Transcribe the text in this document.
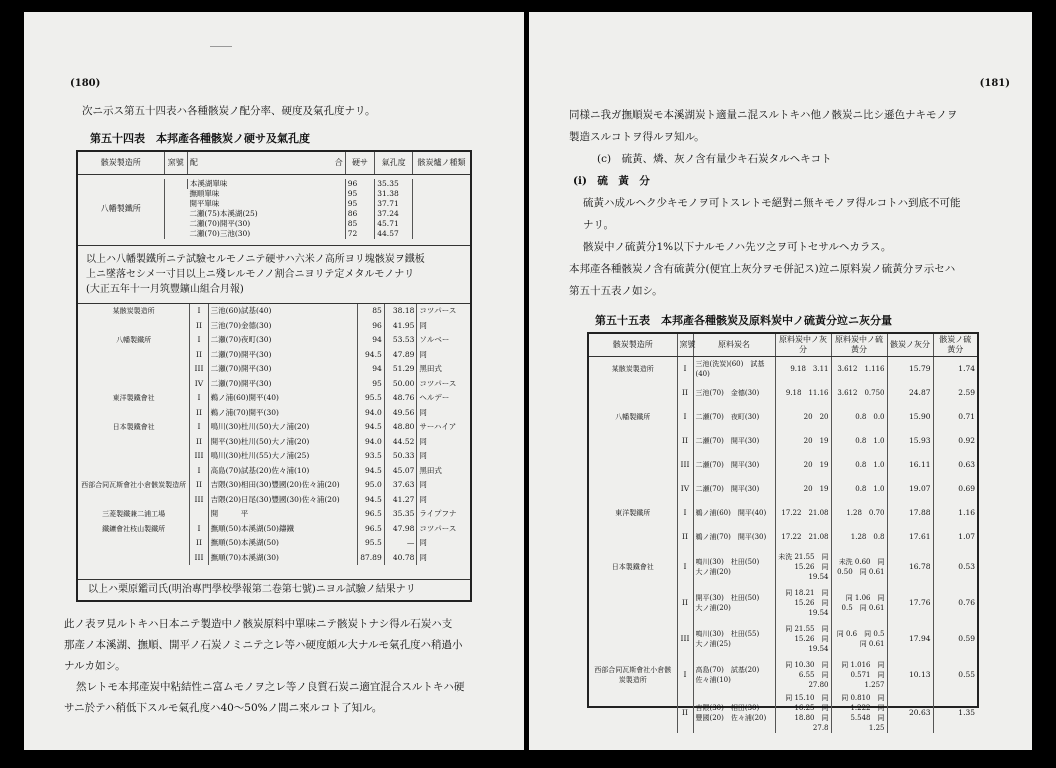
(180)
次ニ示ス第五十四表ハ各種骸炭ノ配分率、硬度及氣孔度ナリ。
第五十四表　本邦產各種骸炭ノ硬サ及氣孔度
骸炭製造所	窯號	配	合	硬サ	氣孔度	骸炭爐ノ種類

八幡製鐵所		本溪湖單味		96	35.35	
		撫順單味		95	31.38	
		開平單味		95	37.71	
		二瀬(75)本溪湖(25)		86	37.24	
		二瀬(70)開平(30)		85	45.71	
		二瀬(70)三池(30)		72	44.57	

以上ハ八幡製鐵所ニテ試驗セルモノニテ硬サハ六米ノ高所ヨリ塊骸炭ヲ鐵板
上ニ墜落セシメ一寸目以上ニ殘レルモノノ割合ニヨリテ定メタルモノナリ
(大正五年十一月筑豐鑛山組合月報)
某骸炭製造所	I	三池(60)試基(40)	85	38.18	コツパース
	II	三池(70)金德(30)	96	41.95	同
八幡製鐵所	I	二瀬(70)夜町(30)	94	53.53	ソルベー
	II	二瀬(70)開平(30)	94.5	47.89	同
	III	二瀬(70)開平(30)	94	51.29	黑田式
	IV	二瀬(70)開平(30)	95	50.00	コツパース
東洋製鐵會社	I	鵜ノ浦(60)開平(40)	95.5	48.76	ヘルデー
	II	鵜ノ浦(70)開平(30)	94.0	49.56	同
日本製鐵會社	I	鳴川(30)杜川(50)大ノ浦(20)	94.5	48.80	サーハイア
	II	開平(30)杜川(50)大ノ浦(20)	94.0	44.52	同
	III	鳴川(30)杜川(55)大ノ浦(25)	93.5	50.33	同
	I	高島(70)試基(20)佐々浦(10)	94.5	45.07	黑田式
西部合同瓦斯會社小倉骸炭製造所	II	吉隈(30)相田(30)豐國(20)佐々浦(20)	95.0	37.63	同
	III	吉隈(20)日尾(30)豐國(30)佐々浦(20)	94.5	41.27	同
三菱製鐵兼二浦工場		開　　　平	96.5	35.35	ライプフナ
鐵鑛會社枝山製鐵所	I	撫順(50)本溪湖(50)鑄鐵	96.5	47.98	コツパース
	II	撫順(50)本溪湖(50)	95.5	—	同
	III	撫順(70)本溪湖(30)	87.89	40.78	同
以上ハ栗原鑑司氏(明治專門學校學報第二卷第七號)ニヨル試驗ノ結果ナリ
此ノ表ヲ見ルトキハ日本ニテ製造中ノ骸炭原料中單味ニテ骸炭トナシ得ル石炭ハ支
那產ノ本溪湖、撫順、開平ノ石炭ノミニテ之レ等ハ硬度頗ル大ナルモ氣孔度ハ稍過小
ナルカ如シ。
然レトモ本邦產炭中粘結性ニ富ムモノヲ之レ等ノ良質石炭ニ適宜混合スルトキハ硬
サニ於テハ稍低下スルモ氣孔度ハ40〜50%ノ間ニ來ルコト了知ル。
(181)
同様ニ我ガ撫順炭モ本溪湖炭ト適量ニ混スルトキハ他ノ骸炭ニ比シ遜色ナキモノヲ
製造スルコトヲ得ルヲ知ル。
(c)　硫黃、燐、灰ノ含有量少キ石炭タルヘキコト
(i)　硫　黃　分
硫黃ハ成ルヘク少キモノヲ可トスレトモ絕對ニ無キモノヲ得ルコトハ到底不可能
ナリ。
骸炭中ノ硫黃分1%以下ナルモノハ先ツ之ヲ可トセサルヘカラス。
本邦產各種骸炭ノ含有硫黃分(便宜上灰分ヲモ併記ス)竝ニ原料炭ノ硫黃分ヲ示セハ
第五十五表ノ如シ。
第五十五表　本邦產各種骸炭及原料炭中ノ硫黃分竝ニ灰分量
骸炭製造所	窯號	原料炭名	原料炭中ノ灰分	原料炭中ノ硫黃分	骸炭ノ灰分	骸炭ノ硫黃分
某骸炭製造所	I	三池(洗炭)(60)　試基(40)	9.18　3.11	3.612　1.116	15.79	1.74
	II	三池(70)　金德(30)	9.18　11.16	3.612　0.750	24.87	2.59
八幡製鐵所	I	二瀬(70)　夜町(30)	20　20	0.8　0.0	15.90	0.71
	II	二瀬(70)　開平(30)	20　19	0.8　1.0	15.93	0.92
	III	二瀬(70)　開平(30)	20　19	0.8　1.0	16.11	0.63
	IV	二瀬(70)　開平(30)	20　19	0.8　1.0	19.07	0.69
東洋製鐵所	I	鵜ノ浦(60)　開平(40)	17.22　21.08	1.28　0.70	17.88	1.16
	II	鵜ノ浦(70)　開平(30)	17.22　21.08	1.28　0.8	17.61	1.07
日本製鐵會社	I	鳴川(30)　杜田(50)　大ノ浦(20)	未洗 21.55　同 15.26　同 19.54	未洗 0.60　同 0.50　同 0.61	16.78	0.53
	II	開平(30)　杜田(50)　大ノ浦(20)	同 18.21　同 15.26　同 19.54	同 1.06　同 0.5　同 0.61	17.76	0.76
	III	鳴川(30)　杜田(55)　大ノ浦(25)	同 21.55　同 15.26　同 19.54	同 0.6　同 0.5　同 0.61	17.94	0.59
西部合同瓦斯會社小倉骸炭製造所	I	高島(70)　試基(20)　佐々浦(10)	同 10.30　同 6.55　同 27.80	同 1.016　同 0.571　同 1.257	10.13	0.55
	II	吉隈(30)　相田(30)　豐國(20)　佐々浦(20)	同 15.10　同 16.25　同 18.80　同 27.8	同 0.810　同 1.222　同 5.548　同 1.25	20.63	1.35
